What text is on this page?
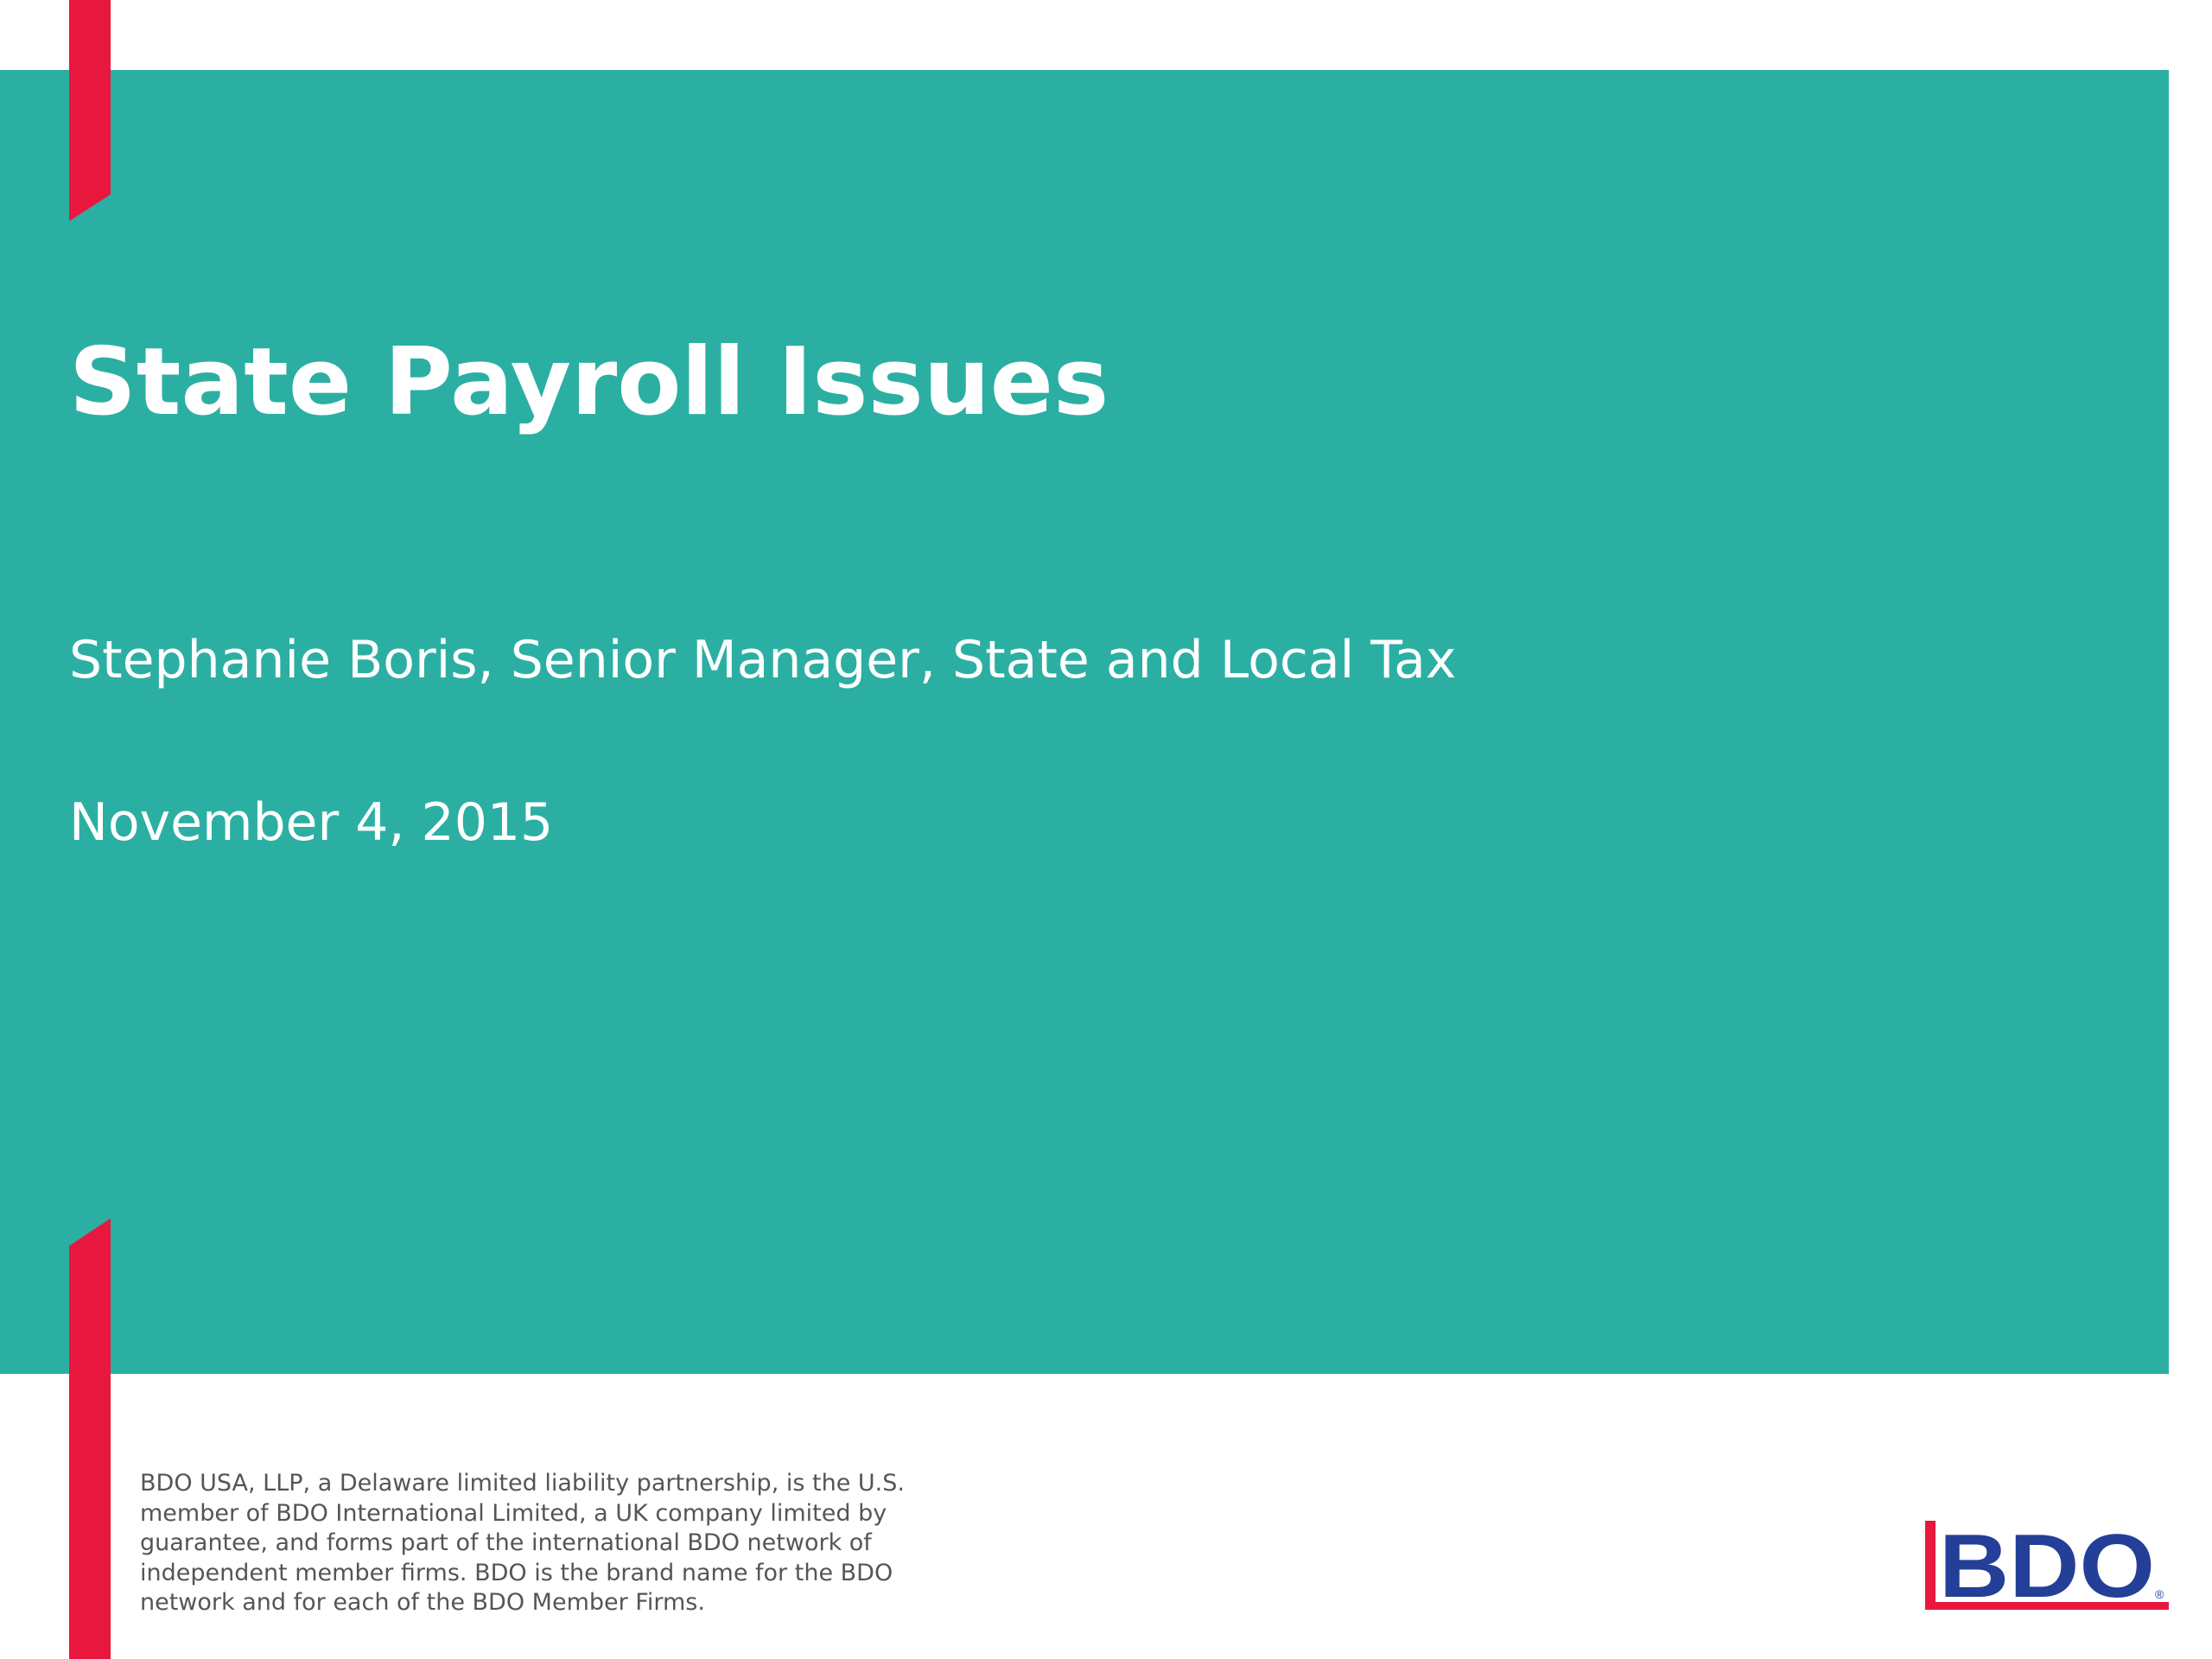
State Payroll Issues
Stephanie Boris, Senior Manager, State and Local Tax
November 4, 2015
BDO USA, LLP, a Delaware limited liability partnership, is the U.S.
member of BDO International Limited, a UK company limited by
guarantee, and forms part of the international BDO network of
independent member firms. BDO is the brand name for the BDO
network and for each of the BDO Member Firms.	BDO ®
